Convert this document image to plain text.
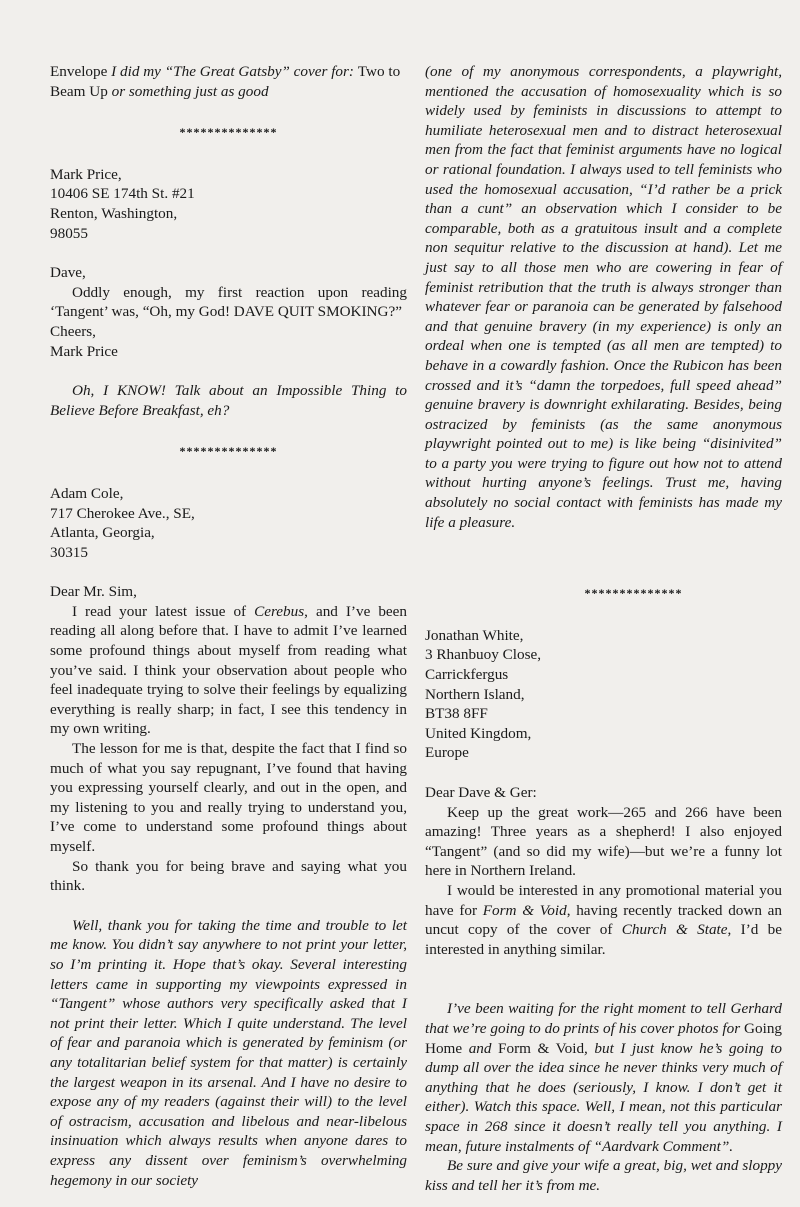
Envelope I did my “The Great Gatsby” cover for: Two to Beam Up or something just as good

**************

Mark Price,

10406 SE 174th St. #21

Renton, Washington,

98055

Dave,

Oddly enough, my first reaction upon reading ‘Tangent’ was, “Oh, my God! DAVE QUIT SMOKING?”

Cheers,

Mark Price

Oh, I KNOW! Talk about an Impossible Thing to Believe Before Breakfast, eh?

**************

Adam Cole,

717 Cherokee Ave., SE,

Atlanta, Georgia,

30315

Dear Mr. Sim,

I read your latest issue of Cerebus, and I’ve been reading all along before that. I have to admit I’ve learned some profound things about myself from reading what you’ve said. I think your observation about people who feel inadequate trying to solve their feelings by equalizing everything is really sharp; in fact, I see this tendency in my own writing.

The lesson for me is that, despite the fact that I find so much of what you say repugnant, I’ve found that having you expressing yourself clearly, and out in the open, and my listening to you and really trying to understand you, I’ve come to understand some profound things about myself.

So thank you for being brave and saying what you think.

Well, thank you for taking the time and trouble to let me know. You didn’t say anywhere to not print your letter, so I’m printing it. Hope that’s okay. Several interesting letters came in supporting my viewpoints expressed in “Tangent” whose authors very specifically asked that I not print their letter. Which I quite understand. The level of fear and paranoia which is generated by feminism (or any totalitarian belief system for that matter) is certainly the largest weapon in its arsenal. And I have no desire to expose any of my readers (against their will) to the level of ostracism, accusation and libelous and near-libelous insinuation which always results when anyone dares to express any dissent over feminism’s overwhelming hegemony in our society

(one of my anonymous correspondents, a playwright, mentioned the accusation of homosexuality which is so widely used by feminists in discussions to attempt to humiliate heterosexual men and to distract heterosexual men from the fact that feminist arguments have no logical or rational foundation. I always used to tell feminists who used the homosexual accusation, “I’d rather be a prick than a cunt” an observation which I consider to be comparable, both as a gratuitous insult and a complete non sequitur relative to the discussion at hand). Let me just say to all those men who are cowering in fear of feminist retribution that the truth is always stronger than whatever fear or paranoia can be generated by falsehood and that genuine bravery (in my experience) is only an ordeal when one is tempted (as all men are tempted) to behave in a cowardly fashion. Once the Rubicon has been crossed and it’s “damn the torpedoes, full speed ahead” genuine bravery is downright exhilarating. Besides, being ostracized by feminists (as the same anonymous playwright pointed out to me) is like being “disinivited” to a party you were trying to figure out how not to attend without hurting anyone’s feelings. Trust me, having absolutely no social contact with feminists has made my life a pleasure.

**************

Jonathan White,

3 Rhanbuoy Close,

Carrickfergus

Northern Island,

BT38 8FF

United Kingdom,

Europe

Dear Dave & Ger:

Keep up the great work—265 and 266 have been amazing! Three years as a shepherd! I also enjoyed “Tangent” (and so did my wife)—but we’re a funny lot here in Northern Ireland.

I would be interested in any promotional material you have for Form & Void, having recently tracked down an uncut copy of the cover of Church & State, I’d be interested in anything similar.

I’ve been waiting for the right moment to tell Gerhard that we’re going to do prints of his cover photos for Going Home and Form & Void, but I just know he’s going to dump all over the idea since he never thinks very much of anything that he does (seriously, I know. I don’t get it either). Watch this space. Well, I mean, not this particular space in 268 since it doesn’t really tell you anything. I mean, future instalments of “Aardvark Comment”.

Be sure and give your wife a great, big, wet and sloppy kiss and tell her it’s from me.
